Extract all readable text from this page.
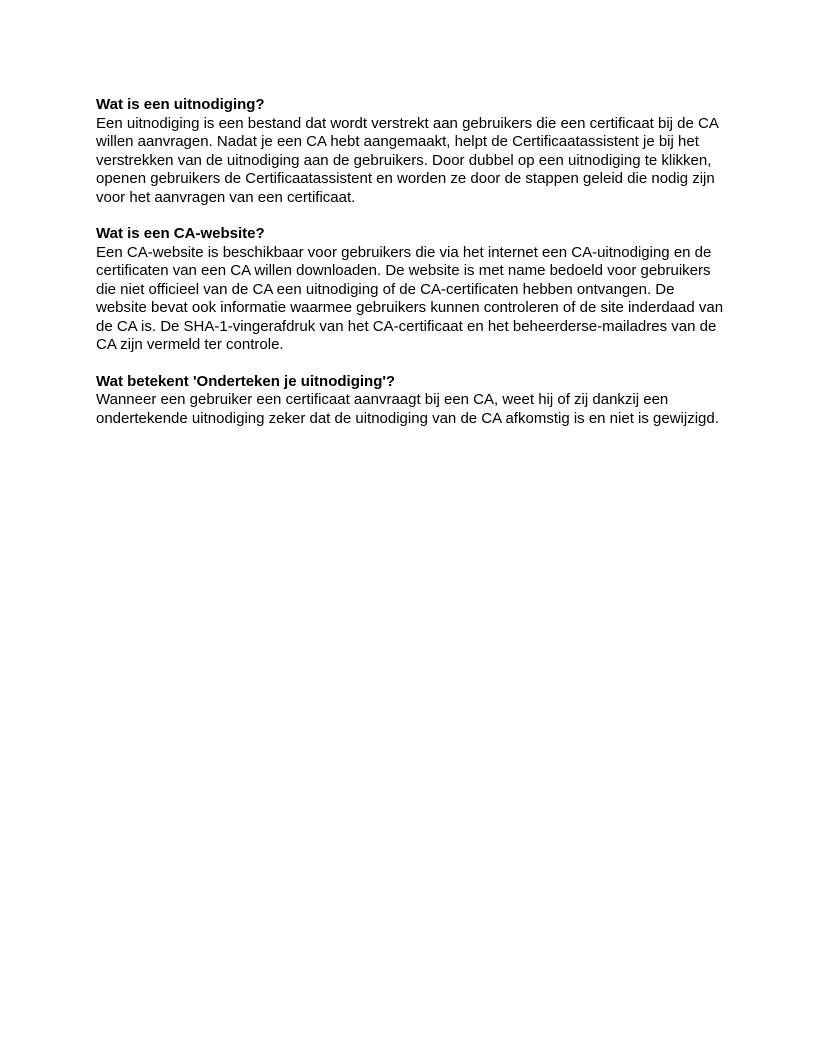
Wat is een uitnodiging?

Een uitnodiging is een bestand dat wordt verstrekt aan gebruikers die een certificaat bij de CA willen aanvragen. Nadat je een CA hebt aangemaakt, helpt de Certificaatassistent je bij het verstrekken van de uitnodiging aan de gebruikers. Door dubbel op een uitnodiging te klikken, openen gebruikers de Certificaatassistent en worden ze door de stappen geleid die nodig zijn voor het aanvragen van een certificaat.

Wat is een CA-website?

Een CA-website is beschikbaar voor gebruikers die via het internet een CA-uitnodiging en de certificaten van een CA willen downloaden. De website is met name bedoeld voor gebruikers die niet officieel van de CA een uitnodiging of de CA-certificaten hebben ontvangen. De website bevat ook informatie waarmee gebruikers kunnen controleren of de site inderdaad van de CA is. De SHA-1-vingerafdruk van het CA-certificaat en het beheerderse-mailadres van de CA zijn vermeld ter controle.

Wat betekent 'Onderteken je uitnodiging'?

Wanneer een gebruiker een certificaat aanvraagt bij een CA, weet hij of zij dankzij een ondertekende uitnodiging zeker dat de uitnodiging van de CA afkomstig is en niet is gewijzigd.
